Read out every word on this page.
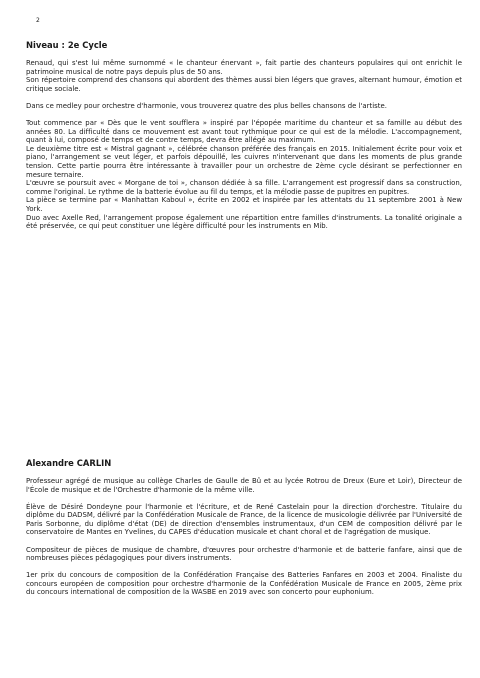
2
Niveau : 2e Cycle

Renaud, qui s'est lui même surnommé « le chanteur énervant », fait partie des chanteurs populaires qui ont enrichit le patrimoine musical de notre pays depuis plus de 50 ans.

Son répertoire comprend des chansons qui abordent des thèmes aussi bien légers que graves, alternant humour, émotion et critique sociale.

Dans ce medley pour orchestre d'harmonie, vous trouverez quatre des plus belles chansons de l'artiste.

Tout commence par « Dès que le vent soufflera » inspiré par l'épopée maritime du chanteur et sa famille au début des années 80. La difficulté dans ce mouvement est avant tout rythmique pour ce qui est de la mélodie. L'accompagnement, quant à lui, composé de temps et de contre temps, devra être allégé au maximum.

Le deuxième titre est « Mistral gagnant », célébrée chanson préférée des français en 2015. Initialement écrite pour voix et piano, l'arrangement se veut léger, et parfois dépouillé, les cuivres n'intervenant que dans les moments de plus grande tension. Cette partie pourra être intéressante à travailler pour un orchestre de 2ème cycle désirant se perfectionner en mesure ternaire.

L'œuvre se poursuit avec « Morgane de toi », chanson dédiée à sa fille. L'arrangement est progressif dans sa construction, comme l'original. Le rythme de la batterie évolue au fil du temps, et la mélodie passe de pupitres en pupitres.

La pièce se termine par « Manhattan Kaboul », écrite en 2002 et inspirée par les attentats du 11 septembre 2001 à New York.

Duo avec Axelle Red, l'arrangement propose également une répartition entre familles d'instruments. La tonalité originale a été préservée, ce qui peut constituer une légère difficulté pour les instruments en Mib.

Alexandre CARLIN

Professeur agrégé de musique au collège Charles de Gaulle de Bû et au lycée Rotrou de Dreux (Eure et Loir), Directeur de l'École de musique et de l'Orchestre d'harmonie de la même ville.

Élève de Désiré Dondeyne pour l'harmonie et l'écriture, et de René Castelain pour la direction d'orchestre. Titulaire du diplôme du DADSM, délivré par la Confédération Musicale de France, de la licence de musicologie délivrée par l'Université de Paris Sorbonne, du diplôme d'état (DE) de direction d'ensembles instrumentaux, d'un CEM de composition délivré par le conservatoire de Mantes en Yvelines, du CAPES d'éducation musicale et chant choral et de l'agrégation de musique.

Compositeur de pièces de musique de chambre, d'œuvres pour orchestre d'harmonie et de batterie fanfare, ainsi que de nombreuses pièces pédagogiques pour divers instruments.

1er prix du concours de composition de la Confédération Française des Batteries Fanfares en 2003 et 2004. Finaliste du concours européen de composition pour orchestre d'harmonie de la Confédération Musicale de France en 2005, 2ème prix du concours international de composition de la WASBE en 2019 avec son concerto pour euphonium.
